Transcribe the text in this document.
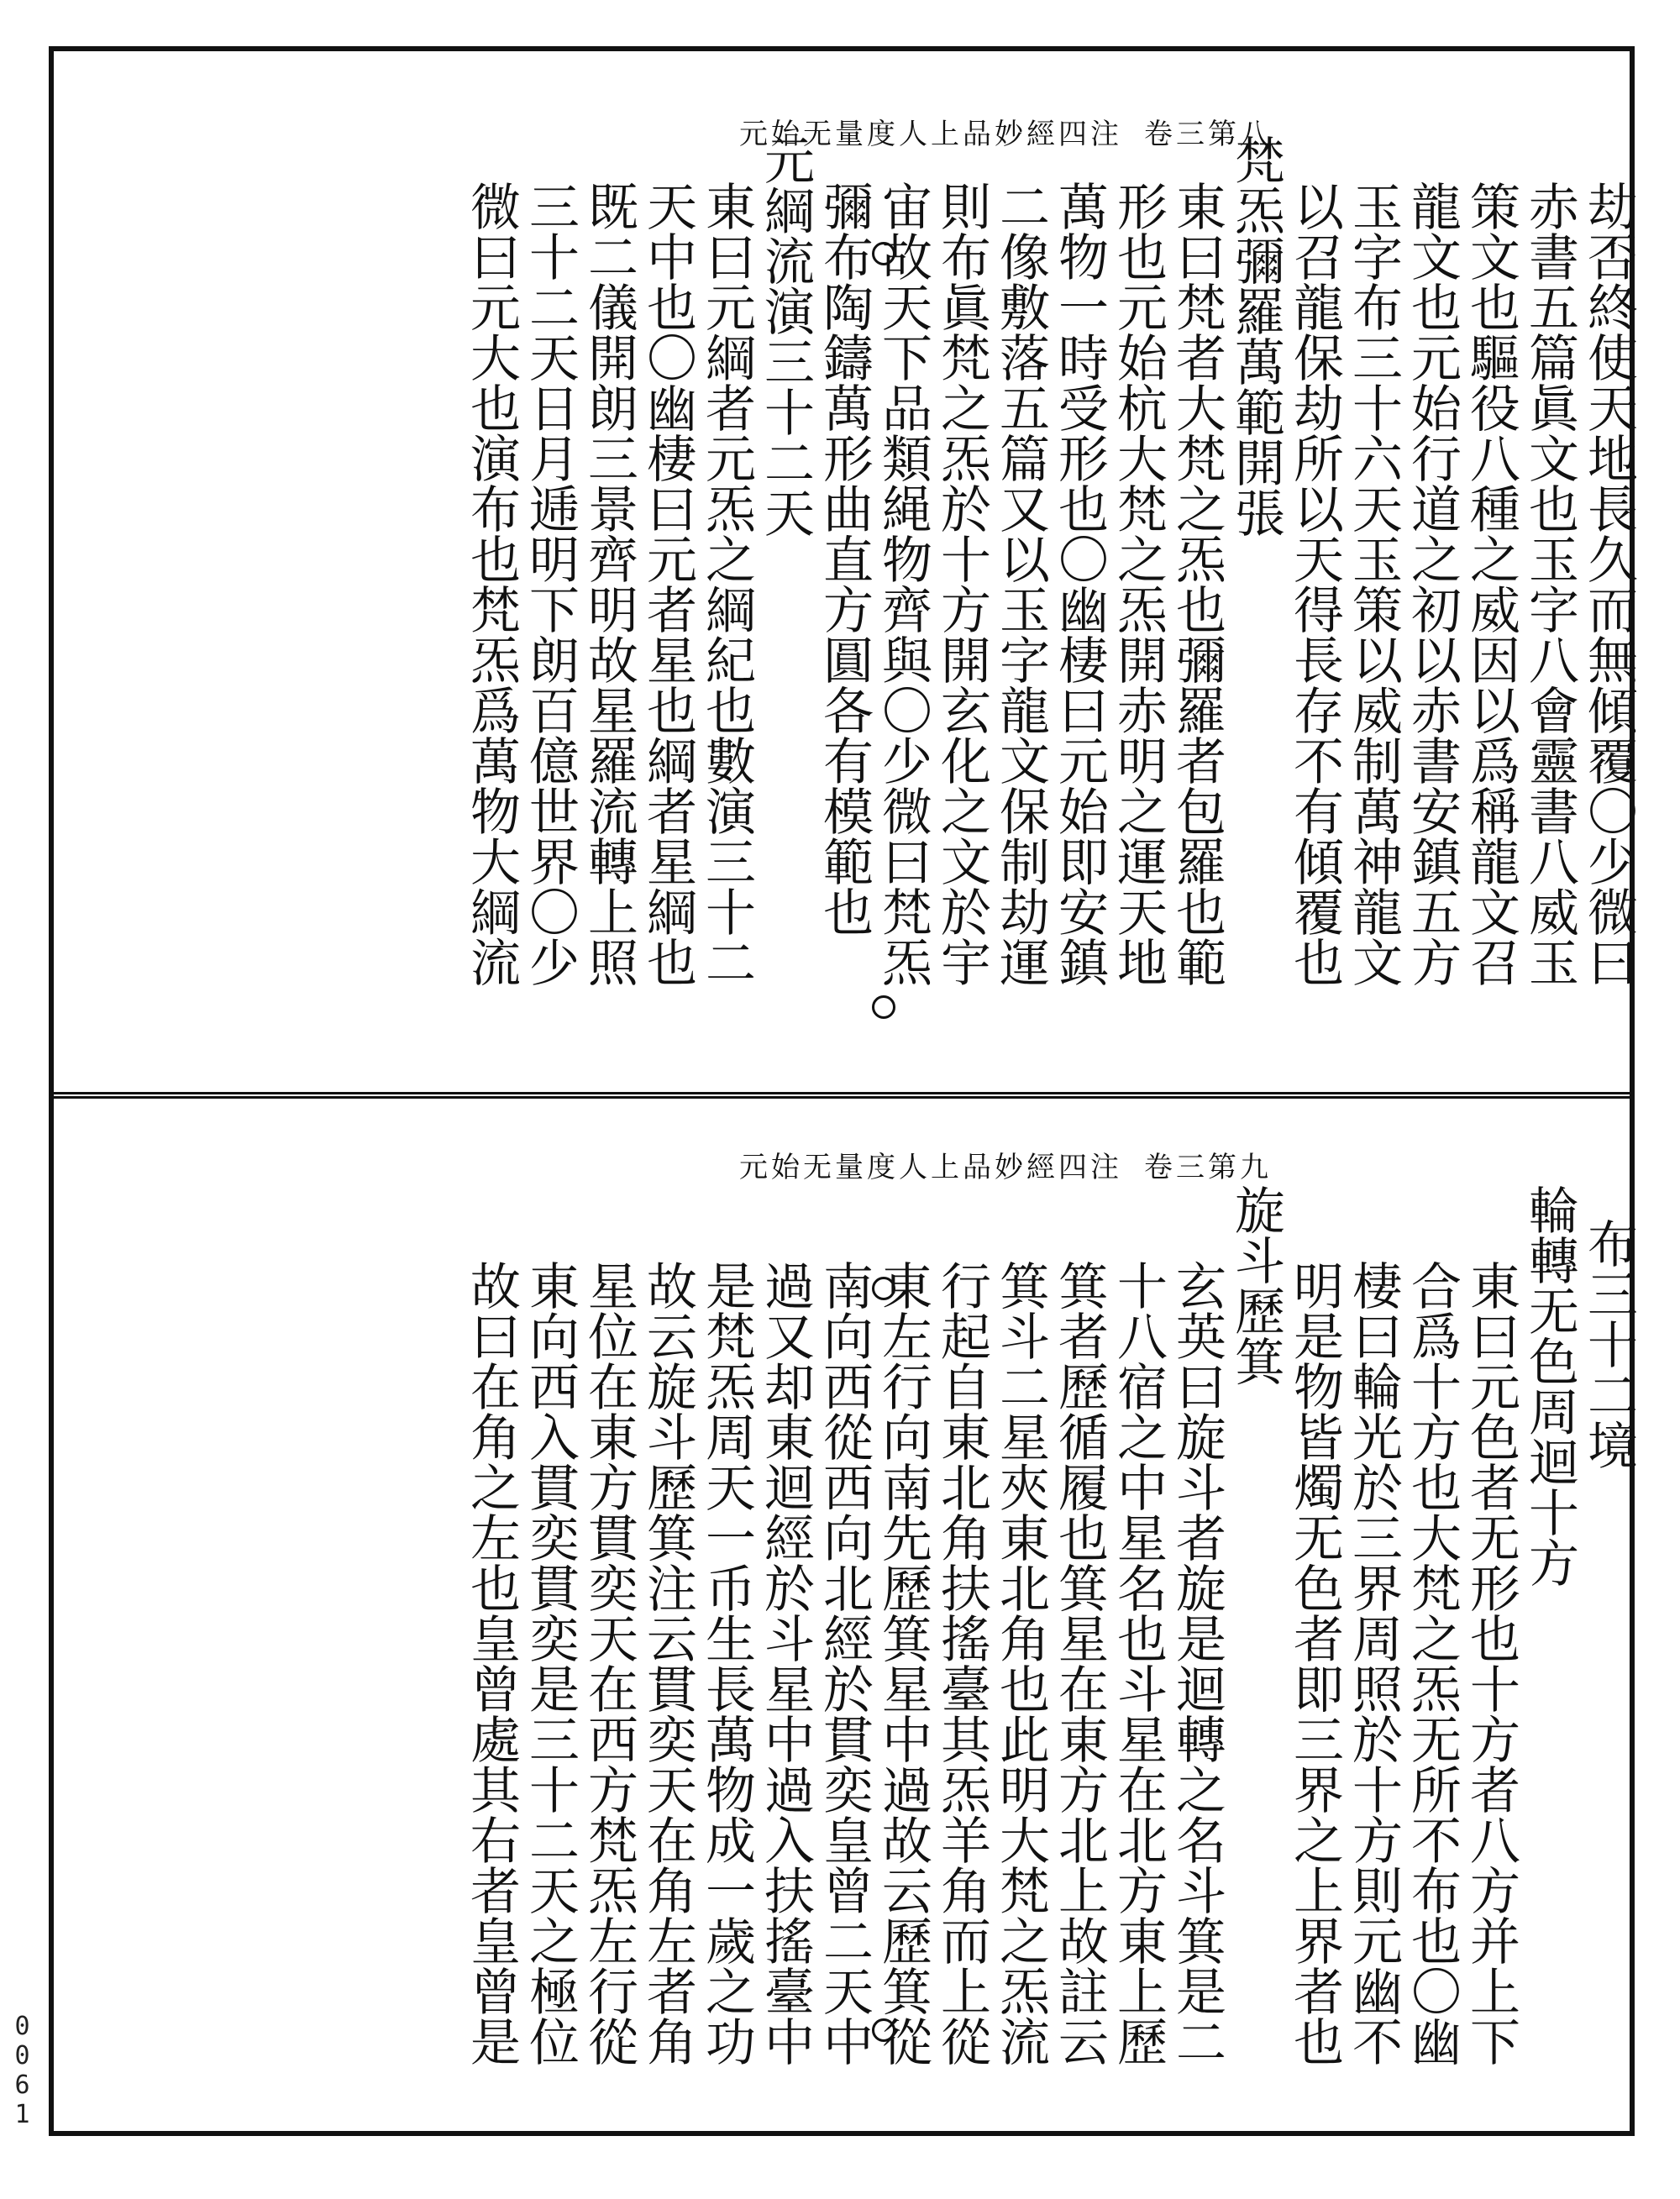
0061
元始无量度人上品妙經四注 卷三第八
劫否終使天地長久而無傾覆〇少微曰
赤書五篇眞文也玉字八會靈書八威玉
策文也驅役八種之威因以爲稱龍文召
龍文也元始行道之初以赤書安鎮五方
玉字布三十六天玉策以威制萬神龍文
以召龍保劫所以天得長存不有傾覆也
梵炁彌羅萬範開張
東曰梵者大梵之炁也彌羅者包羅也範
形也元始杭大梵之炁開赤明之運天地
萬物一時受形也〇幽棲曰元始即安鎮
二像敷落五篇又以玉字龍文保制劫運
則布眞梵之炁於十方開玄化之文於宇
宙故天下品類䋲物齊與〇少微曰梵炁
彌布陶鑄萬形曲直方圓各有模範也
元綱流演三十二天
東曰元綱者元炁之綱紀也數演三十二
天中也〇幽棲曰元者星也綱者星綱也
既二儀開朗三景齊明故星羅流轉上照
三十二天日月逓明下朗百億世界〇少
微曰元大也演布也梵炁爲萬物大綱流
元始无量度人上品妙經四注 卷三第九
布三十二境
輪轉无色周迴十方
東曰元色者无形也十方者八方并上下
合爲十方也大梵之炁无所不布也〇幽
棲曰輪光於三界周照於十方則元幽不
明是物皆燭无色者即三界之上界者也
旋斗歷箕
玄英曰旋斗者旋是迴轉之名斗箕是二
十八宿之中星名也斗星在北方東上歷
箕者歷循履也箕星在東方北上故註云
箕斗二星夾東北角也此明大梵之炁流
行起自東北角扶搖臺其炁羊角而上從
東左行向南先歷箕星中過故云歷箕從
南向西從西向北經於貫奕皇曾二天中
過又却東迴經於斗星中過入扶搖臺中
是梵炁周天一币生長萬物成一歲之功
故云旋斗歷箕注云貫奕天在角左者角
星位在東方貫奕天在西方梵炁左行從
東向西入貫奕貫奕是三十二天之極位
故曰在角之左也皇曾處其右者皇曾是
